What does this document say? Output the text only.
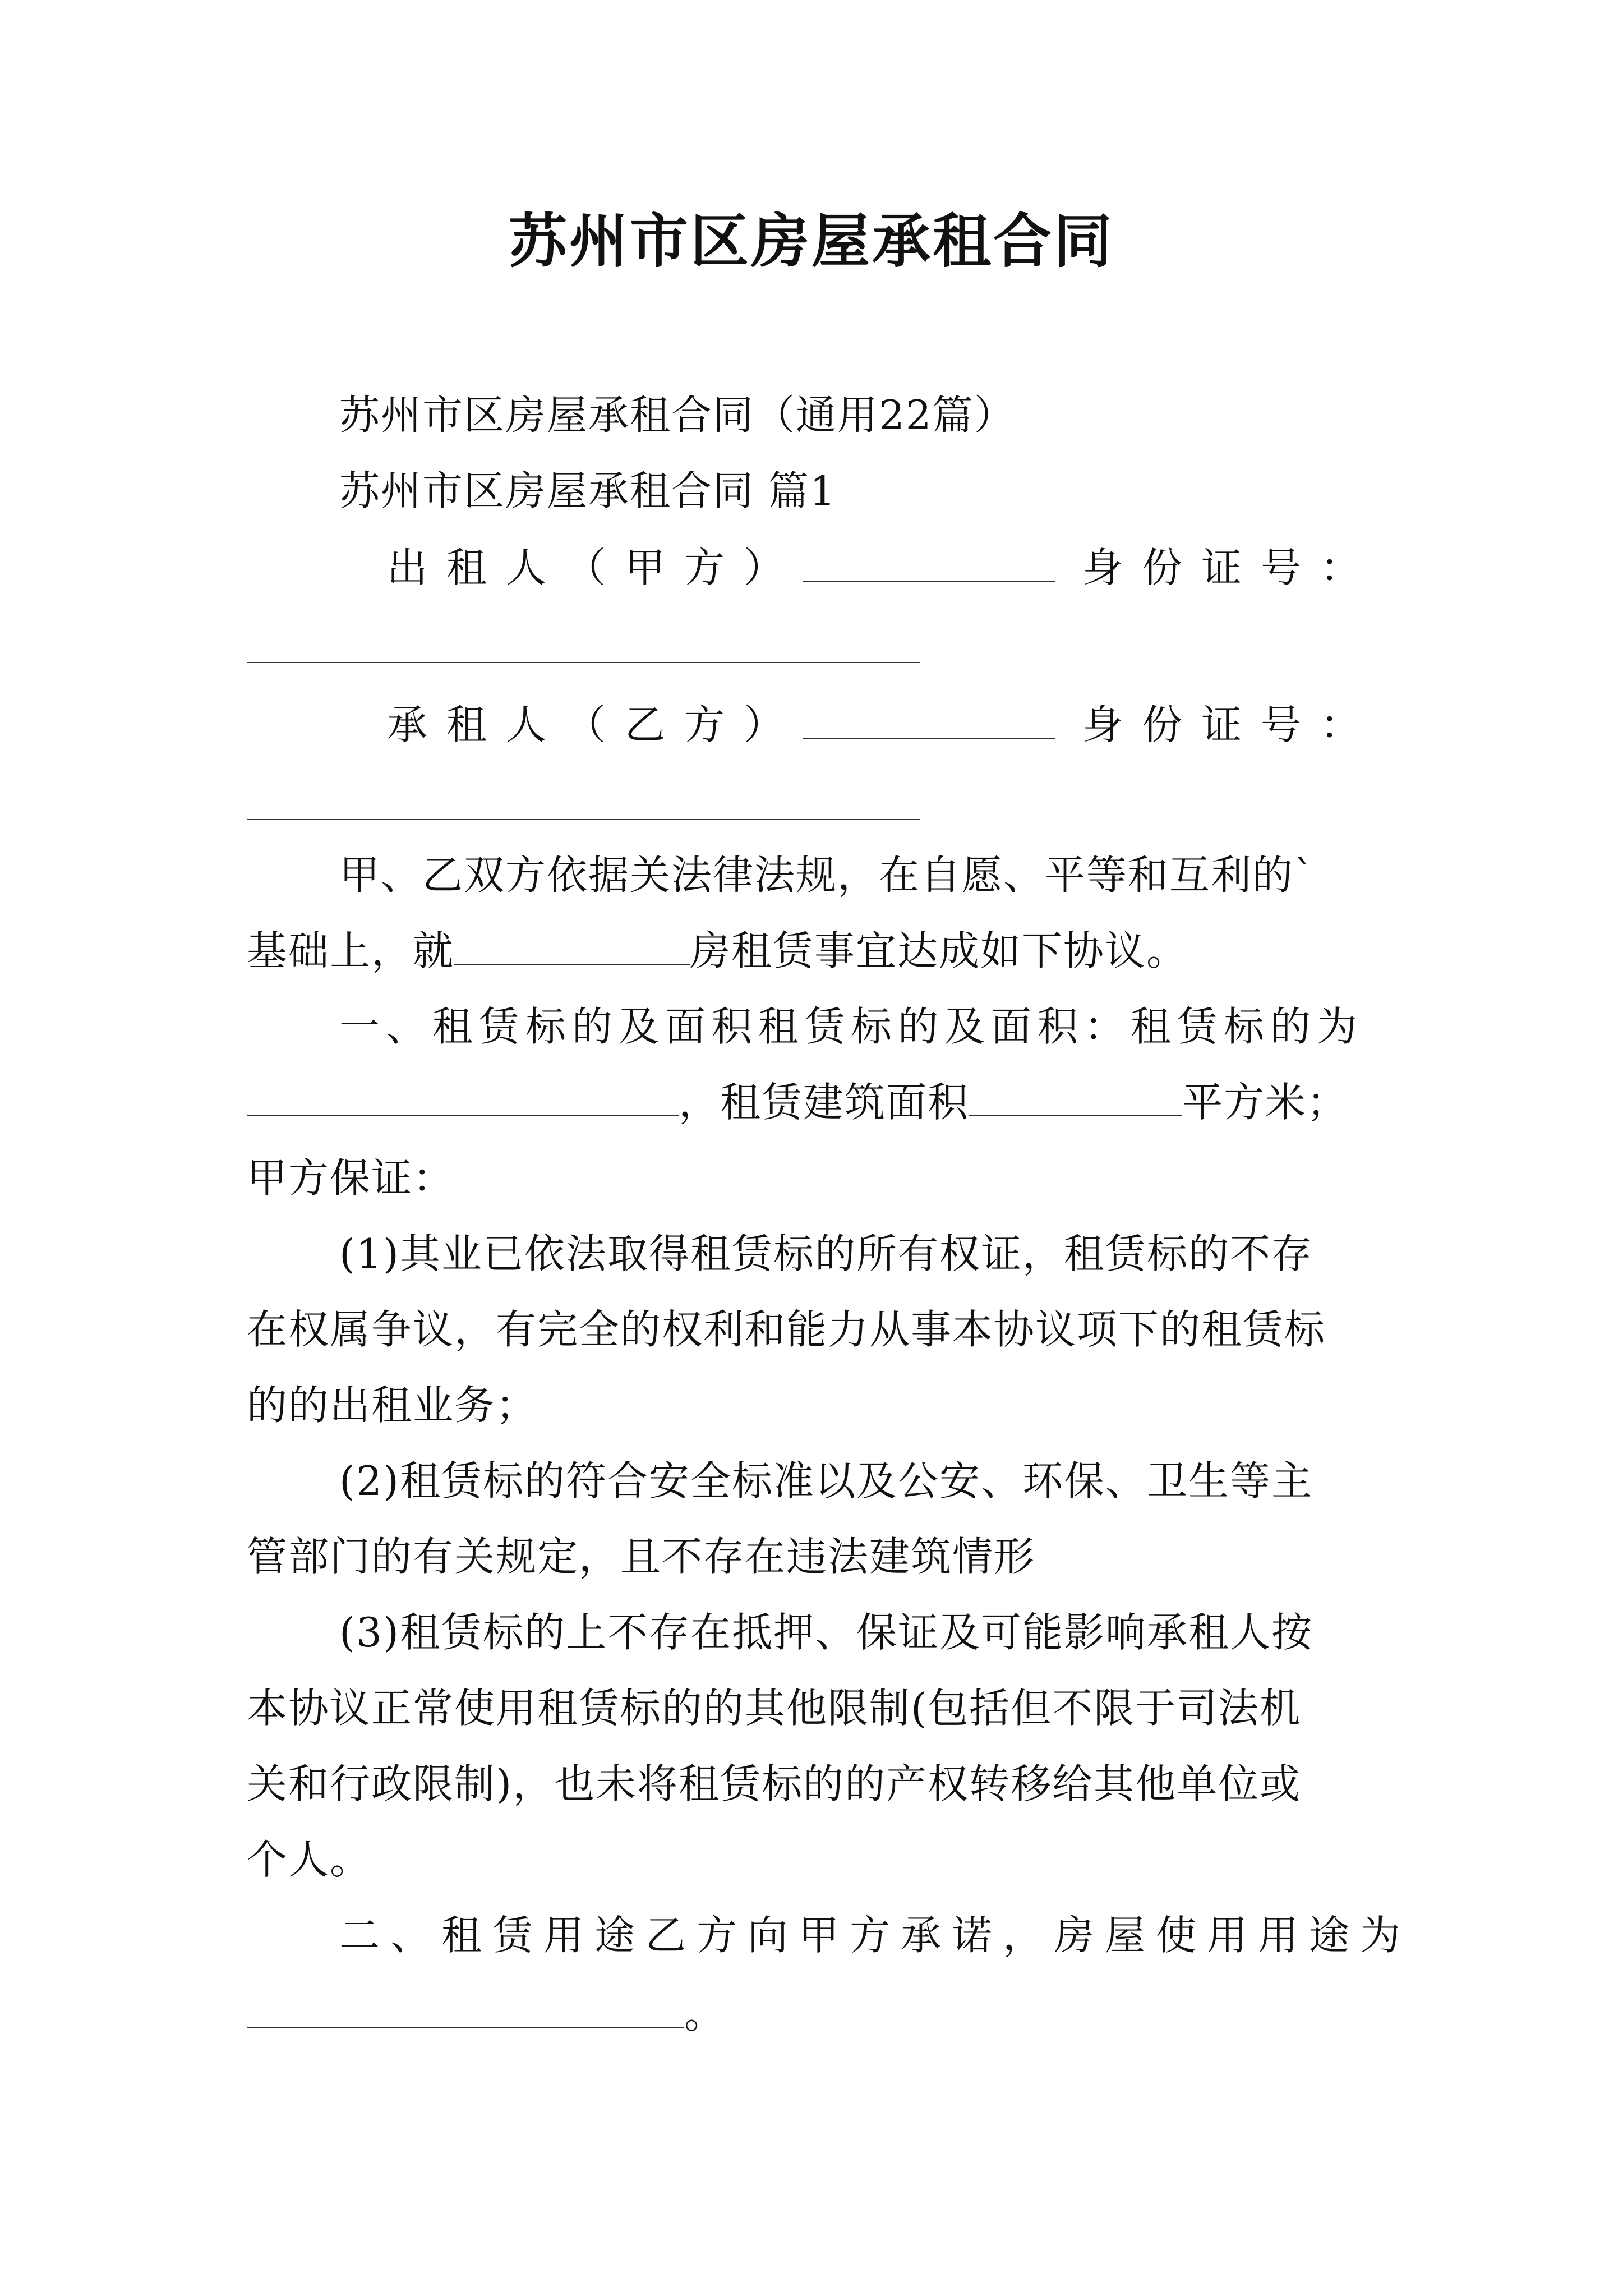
苏州市区房屋承租合同
苏州市区房屋承租合同（通用22篇）
苏州市区房屋承租合同 篇1
出租人（甲方）	身份证号：
承租人（乙方）	身份证号：
甲、乙双方依据关法律法规，在自愿、平等和互利的`
基础上，就	房租赁事宜达成如下协议。
一、租赁标的及面积租赁标的及面积：租赁标的为
，租赁建筑面积	平方米；
甲方保证：
(1)其业已依法取得租赁标的所有权证，租赁标的不存
在权属争议，有完全的权利和能力从事本协议项下的租赁标
的的出租业务；
(2)租赁标的符合安全标准以及公安、环保、卫生等主
管部门的有关规定，且不存在违法建筑情形
(3)租赁标的上不存在抵押、保证及可能影响承租人按
本协议正常使用租赁标的的其他限制(包括但不限于司法机
关和行政限制)，也未将租赁标的的产权转移给其他单位或
个人。
二、租赁用途乙方向甲方承诺，房屋使用用途为
。
